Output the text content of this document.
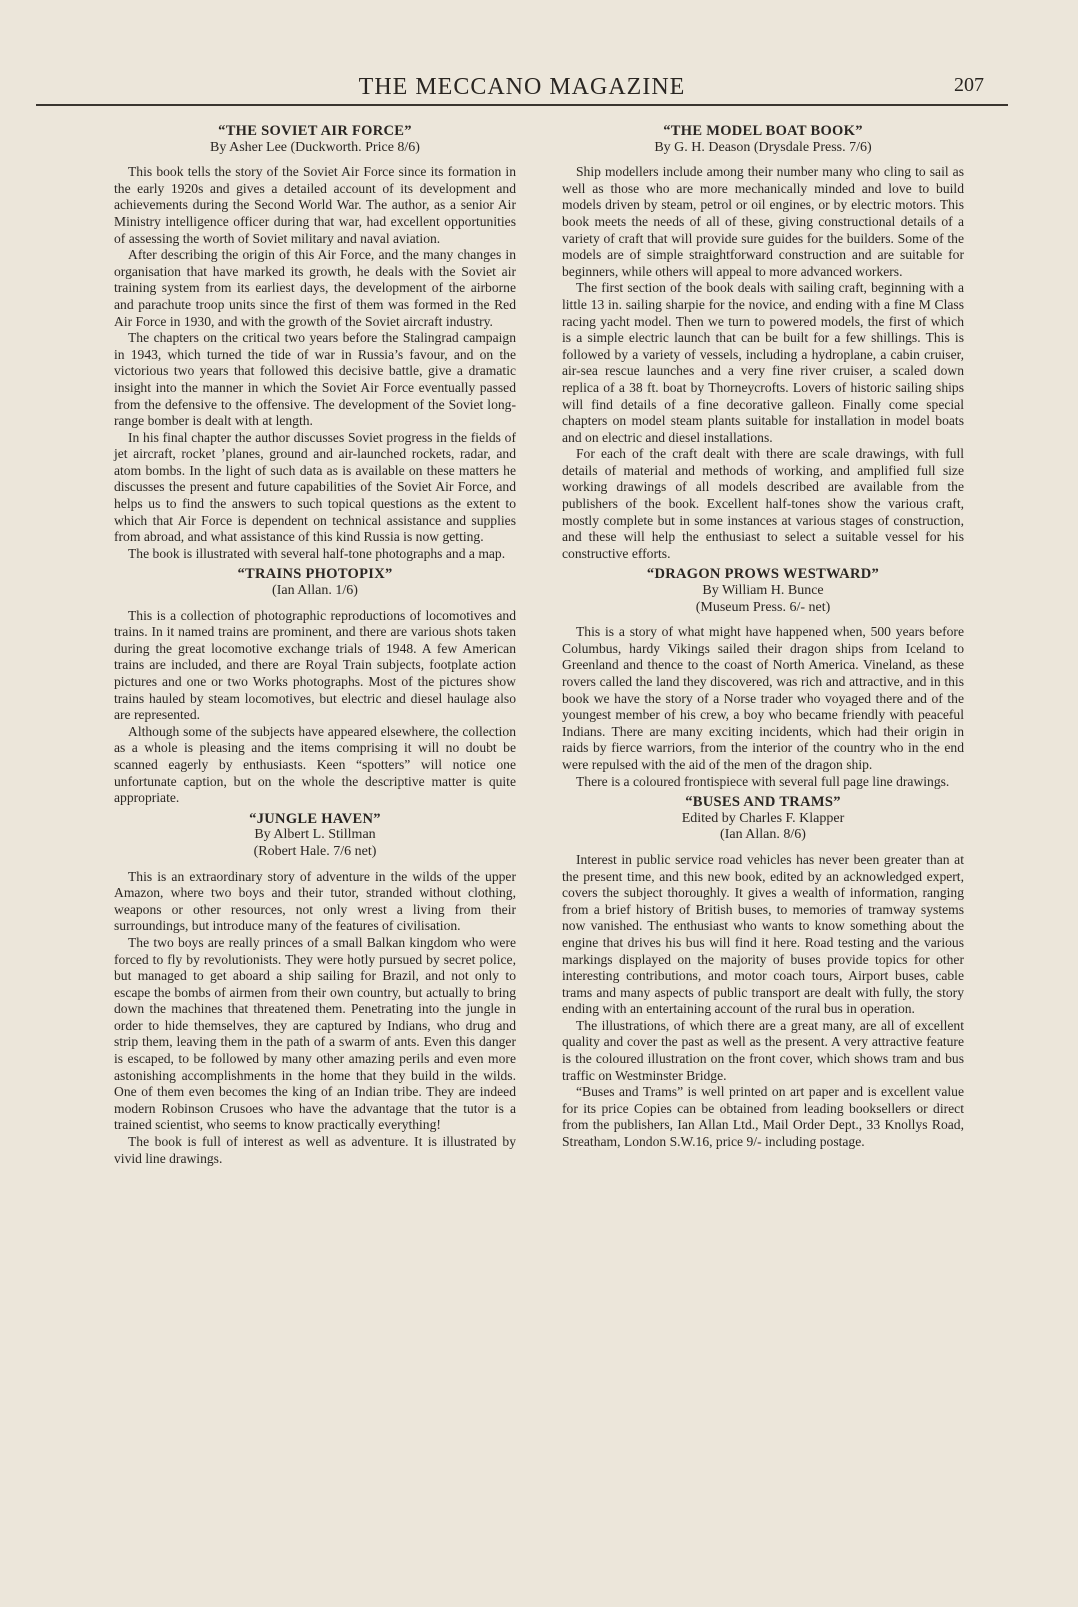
THE MECCANO MAGAZINE	207
“THE SOVIET AIR FORCE”
By Asher Lee (Duckworth. Price 8/6)

This book tells the story of the Soviet Air Force since its formation in the early 1920s and gives a detailed account of its development and achievements during the Second World War. The author, as a senior Air Ministry intelligence officer during that war, had excellent opportunities of assessing the worth of Soviet military and naval aviation.

After describing the origin of this Air Force, and the many changes in organisation that have marked its growth, he deals with the Soviet air training system from its earliest days, the development of the airborne and parachute troop units since the first of them was formed in the Red Air Force in 1930, and with the growth of the Soviet aircraft industry.

The chapters on the critical two years before the Stalingrad campaign in 1943, which turned the tide of war in Russia’s favour, and on the victorious two years that followed this decisive battle, give a dramatic insight into the manner in which the Soviet Air Force eventually passed from the defensive to the offensive. The development of the Soviet long-range bomber is dealt with at length.

In his final chapter the author discusses Soviet progress in the fields of jet aircraft, rocket ’planes, ground and air-launched rockets, radar, and atom bombs. In the light of such data as is available on these matters he discusses the present and future capabilities of the Soviet Air Force, and helps us to find the answers to such topical questions as the extent to which that Air Force is dependent on technical assistance and supplies from abroad, and what assistance of this kind Russia is now getting.

The book is illustrated with several half-tone photographs and a map.

“TRAINS PHOTOPIX”
(Ian Allan. 1/6)

This is a collection of photographic reproductions of locomotives and trains. In it named trains are prominent, and there are various shots taken during the great locomotive exchange trials of 1948. A few American trains are included, and there are Royal Train subjects, footplate action pictures and one or two Works photographs. Most of the pictures show trains hauled by steam locomotives, but electric and diesel haulage also are represented.

Although some of the subjects have appeared elsewhere, the collection as a whole is pleasing and the items comprising it will no doubt be scanned eagerly by enthusiasts. Keen “spotters” will notice one unfortunate caption, but on the whole the descriptive matter is quite appropriate.

“JUNGLE HAVEN”
By Albert L. Stillman
(Robert Hale. 7/6 net)

This is an extraordinary story of adventure in the wilds of the upper Amazon, where two boys and their tutor, stranded without clothing, weapons or other resources, not only wrest a living from their surroundings, but introduce many of the features of civilisation.

The two boys are really princes of a small Balkan kingdom who were forced to fly by revolutionists. They were hotly pursued by secret police, but managed to get aboard a ship sailing for Brazil, and not only to escape the bombs of airmen from their own country, but actually to bring down the machines that threatened them. Penetrating into the jungle in order to hide themselves, they are captured by Indians, who drug and strip them, leaving them in the path of a swarm of ants. Even this danger is escaped, to be followed by many other amazing perils and even more astonishing accomplishments in the home that they build in the wilds. One of them even becomes the king of an Indian tribe. They are indeed modern Robinson Crusoes who have the advantage that the tutor is a trained scientist, who seems to know practically everything!

The book is full of interest as well as adventure. It is illustrated by vivid line drawings.

“THE MODEL BOAT BOOK”
By G. H. Deason (Drysdale Press. 7/6)

Ship modellers include among their number many who cling to sail as well as those who are more mechanically minded and love to build models driven by steam, petrol or oil engines, or by electric motors. This book meets the needs of all of these, giving constructional details of a variety of craft that will provide sure guides for the builders. Some of the models are of simple straightforward construction and are suitable for beginners, while others will appeal to more advanced workers.

The first section of the book deals with sailing craft, beginning with a little 13 in. sailing sharpie for the novice, and ending with a fine M Class racing yacht model. Then we turn to powered models, the first of which is a simple electric launch that can be built for a few shillings. This is followed by a variety of vessels, including a hydroplane, a cabin cruiser, air-sea rescue launches and a very fine river cruiser, a scaled down replica of a 38 ft. boat by Thorneycrofts. Lovers of historic sailing ships will find details of a fine decorative galleon. Finally come special chapters on model steam plants suitable for installation in model boats and on electric and diesel installations.

For each of the craft dealt with there are scale drawings, with full details of material and methods of working, and amplified full size working drawings of all models described are available from the publishers of the book. Excellent half-tones show the various craft, mostly complete but in some instances at various stages of construction, and these will help the enthusiast to select a suitable vessel for his constructive efforts.

“DRAGON PROWS WESTWARD”
By William H. Bunce
(Museum Press. 6/- net)

This is a story of what might have happened when, 500 years before Columbus, hardy Vikings sailed their dragon ships from Iceland to Greenland and thence to the coast of North America. Vineland, as these rovers called the land they discovered, was rich and attractive, and in this book we have the story of a Norse trader who voyaged there and of the youngest member of his crew, a boy who became friendly with peaceful Indians. There are many exciting incidents, which had their origin in raids by fierce warriors, from the interior of the country who in the end were repulsed with the aid of the men of the dragon ship.

There is a coloured frontispiece with several full page line drawings.

“BUSES AND TRAMS”
Edited by Charles F. Klapper
(Ian Allan. 8/6)

Interest in public service road vehicles has never been greater than at the present time, and this new book, edited by an acknowledged expert, covers the subject thoroughly. It gives a wealth of information, ranging from a brief history of British buses, to memories of tramway systems now vanished. The enthusiast who wants to know something about the engine that drives his bus will find it here. Road testing and the various markings displayed on the majority of buses provide topics for other interesting contributions, and motor coach tours, Airport buses, cable trams and many aspects of public transport are dealt with fully, the story ending with an entertaining account of the rural bus in operation.

The illustrations, of which there are a great many, are all of excellent quality and cover the past as well as the present. A very attractive feature is the coloured illustration on the front cover, which shows tram and bus traffic on Westminster Bridge.

“Buses and Trams” is well printed on art paper and is excellent value for its price Copies can be obtained from leading booksellers or direct from the publishers, Ian Allan Ltd., Mail Order Dept., 33 Knollys Road, Streatham, London S.W.16, price 9/- including postage.
